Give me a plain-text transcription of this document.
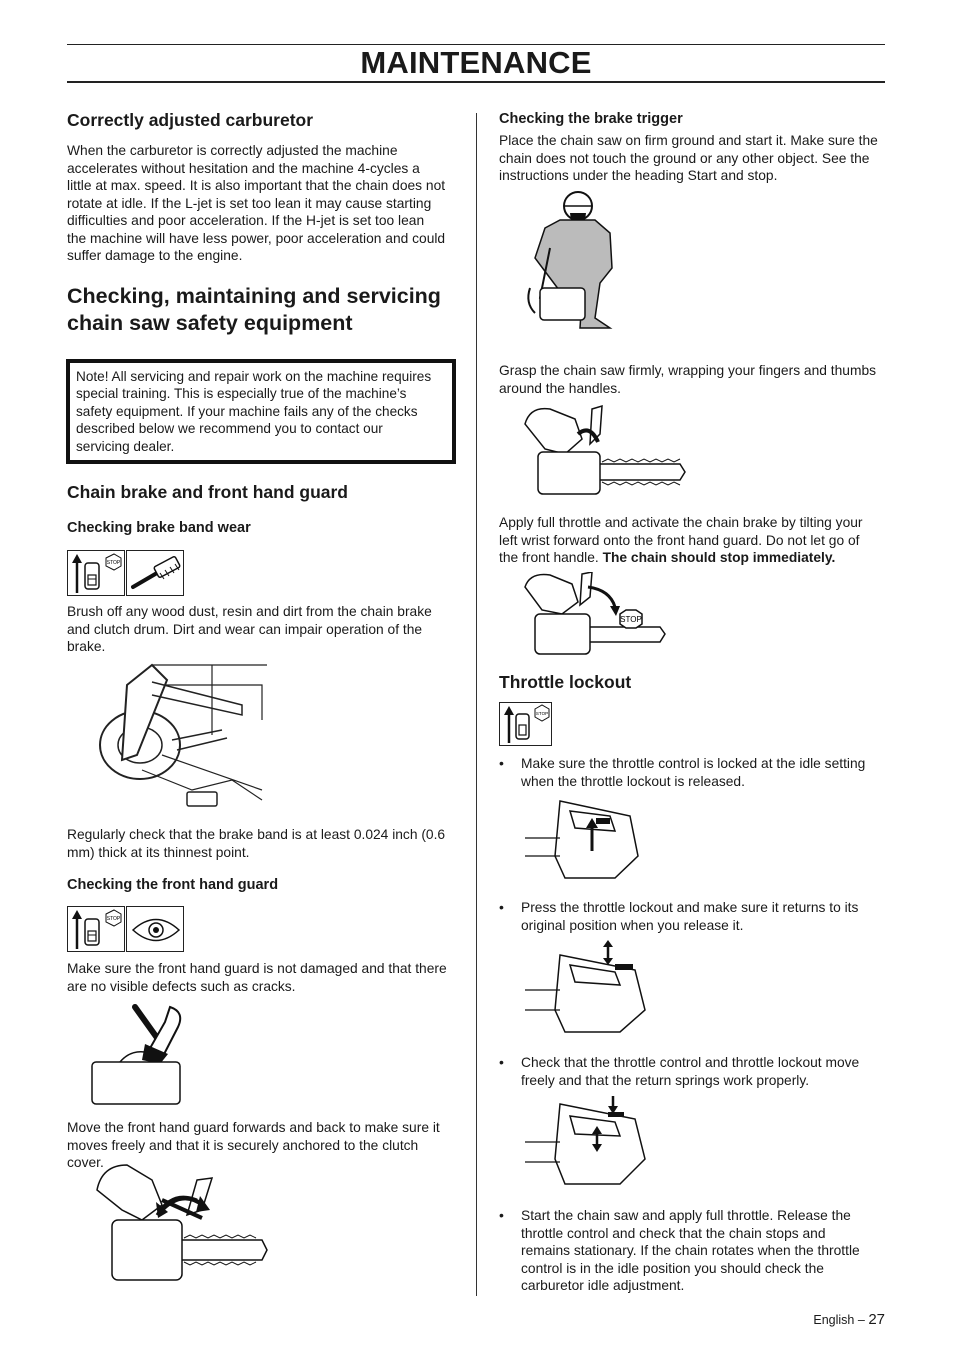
MAINTENANCE
Correctly adjusted carburetor
When the carburetor is correctly adjusted the machine
accelerates without hesitation and the machine 4-cycles a
little at max. speed. It is also important that the chain does not
rotate at idle. If the L-jet is set too lean it may cause starting
difficulties and poor acceleration. If the H-jet is set too lean
the machine will have less power, poor acceleration and could
suffer damage to the engine.
Checking, maintaining and servicing
chain saw safety equipment
Note! All servicing and repair work on the machine requires
special training. This is especially true of the machine’s
safety equipment. If your machine fails any of the checks
described below we recommend you to contact our
servicing dealer.
Chain brake and front hand guard
Checking brake band wear
STOP
Brush off any wood dust, resin and dirt from the chain brake
and clutch drum. Dirt and wear can impair operation of the
brake.
Regularly check that the brake band is at least 0.024 inch (0.6
mm) thick at its thinnest point.
Checking the front hand guard
STOP
Make sure the front hand guard is not damaged and that there
are no visible defects such as cracks.
Move the front hand guard forwards and back to make sure it
moves freely and that it is securely anchored to the clutch
cover.
Checking the brake trigger
Place the chain saw on firm ground and start it. Make sure the
chain does not touch the ground or any other object. See the
instructions under the heading Start and stop.
Grasp the chain saw firmly, wrapping your fingers and thumbs
around the handles.
Apply full throttle and activate the chain brake by tilting your
left wrist forward onto the front hand guard. Do not let go of
the front handle. The chain should stop immediately.
STOP
Throttle lockout
STOP
• Make sure the throttle control is locked at the idle setting
when the throttle lockout is released.
• Press the throttle lockout and make sure it returns to its
original position when you release it.
• Check that the throttle control and throttle lockout move
freely and that the return springs work properly.
• Start the chain saw and apply full throttle. Release the
throttle control and check that the chain stops and
remains stationary. If the chain rotates when the throttle
control is in the idle position you should check the
carburetor idle adjustment.
English – 27
